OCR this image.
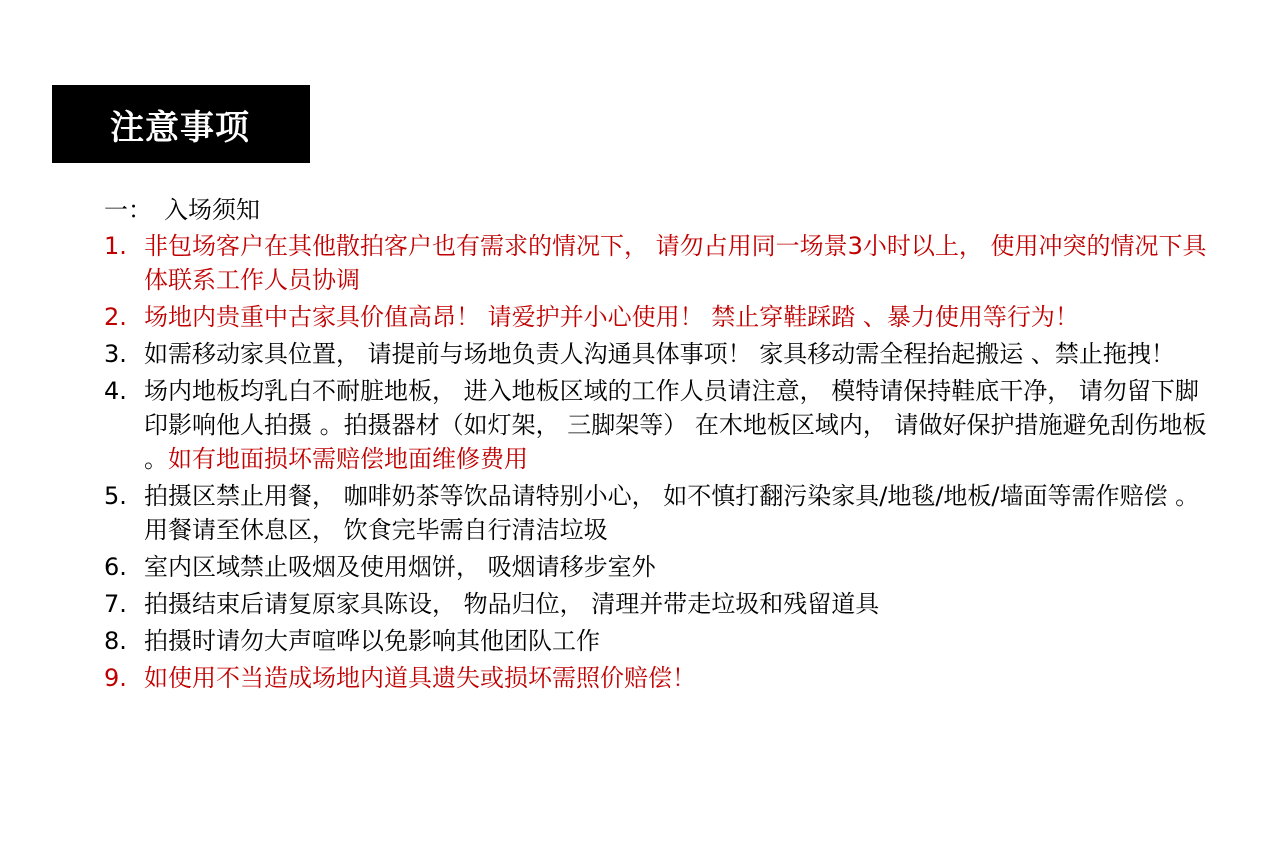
注意事项
一： 入场须知
1. 非包场客户在其他散拍客户也有需求的情况下， 请勿占用同一场景3小时以上， 使用冲突的情况下具体联系工作人员协调
2. 场地内贵重中古家具价值高昂！ 请爱护并小心使用！ 禁止穿鞋踩踏 、暴力使用等行为！
3. 如需移动家具位置， 请提前与场地负责人沟通具体事项！ 家具移动需全程抬起搬运 、禁止拖拽！
4. 场内地板均乳白不耐脏地板， 进入地板区域的工作人员请注意， 模特请保持鞋底干净， 请勿留下脚印影响他人拍摄 。拍摄器材（如灯架， 三脚架等） 在木地板区域内， 请做好保护措施避免刮伤地板 。如有地面损坏需赔偿地面维修费用
5. 拍摄区禁止用餐， 咖啡奶茶等饮品请特别小心， 如不慎打翻污染家具/地毯/地板/墙面等需作赔偿 。用餐请至休息区， 饮食完毕需自行清洁垃圾
6. 室内区域禁止吸烟及使用烟饼， 吸烟请移步室外
7. 拍摄结束后请复原家具陈设， 物品归位， 清理并带走垃圾和残留道具
8. 拍摄时请勿大声喧哗以免影响其他团队工作
9. 如使用不当造成场地内道具遗失或损坏需照价赔偿！
